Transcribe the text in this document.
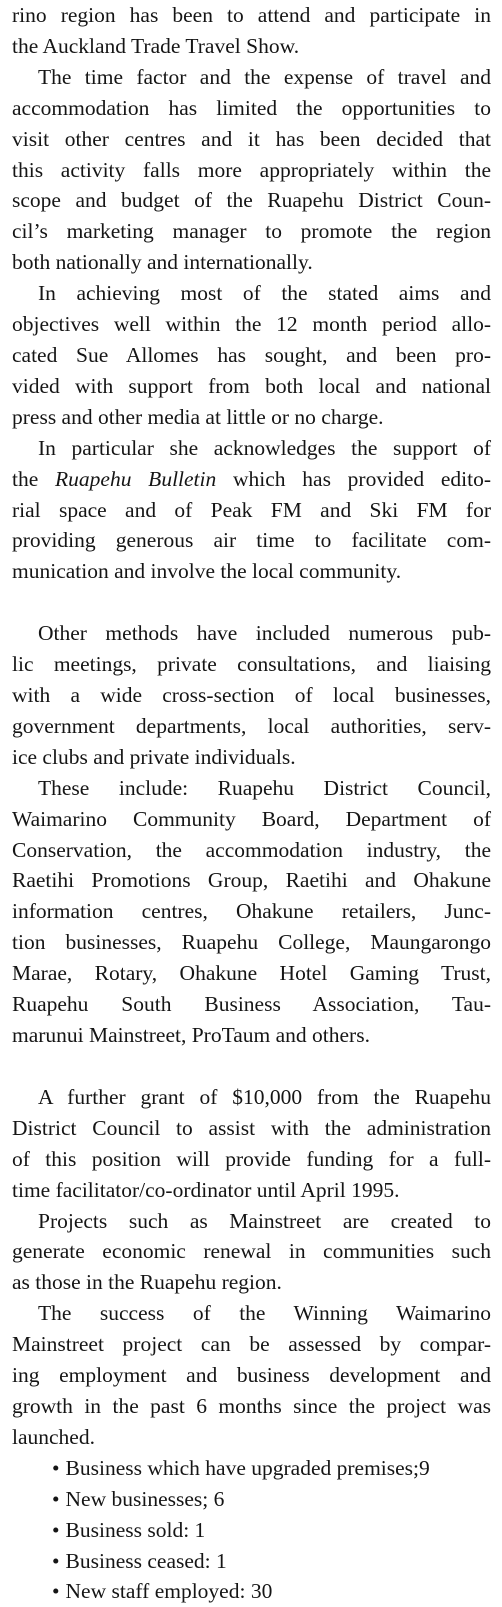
rino region has been to attend and participate in
the Auckland Trade Travel Show.

The time factor and the expense of travel and
accommodation has limited the opportunities to
visit other centres and it has been decided that
this activity falls more appropriately within the
scope and budget of the Ruapehu District Coun-
cil’s marketing manager to promote the region
both nationally and internationally.

In achieving most of the stated aims and
objectives well within the 12 month period allo-
cated Sue Allomes has sought, and been pro-
vided with support from both local and national
press and other media at little or no charge.

In particular she acknowledges the support of
the Ruapehu Bulletin which has provided edito-
rial space and of Peak FM and Ski FM for
providing generous air time to facilitate com-
munication and involve the local community.

Other methods have included numerous pub-
lic meetings, private consultations, and liaising
with a wide cross-section of local businesses,
government departments, local authorities, serv-
ice clubs and private individuals.

These include: Ruapehu District Council,
Waimarino Community Board, Department of
Conservation, the accommodation industry, the
Raetihi Promotions Group, Raetihi and Ohakune
information centres, Ohakune retailers, Junc-
tion businesses, Ruapehu College, Maungarongo
Marae, Rotary, Ohakune Hotel Gaming Trust,
Ruapehu South Business Association, Tau-
marunui Mainstreet, ProTaum and others.

A further grant of $10,000 from the Ruapehu
District Council to assist with the administration
of this position will provide funding for a full-
time facilitator/co-ordinator until April 1995.

Projects such as Mainstreet are created to
generate economic renewal in communities such
as those in the Ruapehu region.

The success of the Winning Waimarino
Mainstreet project can be assessed by compar-
ing employment and business development and
growth in the past 6 months since the project was
launched.

• Business which have upgraded premises;9
• New businesses; 6
• Business sold: 1
• Business ceased: 1
• New staff employed: 30
